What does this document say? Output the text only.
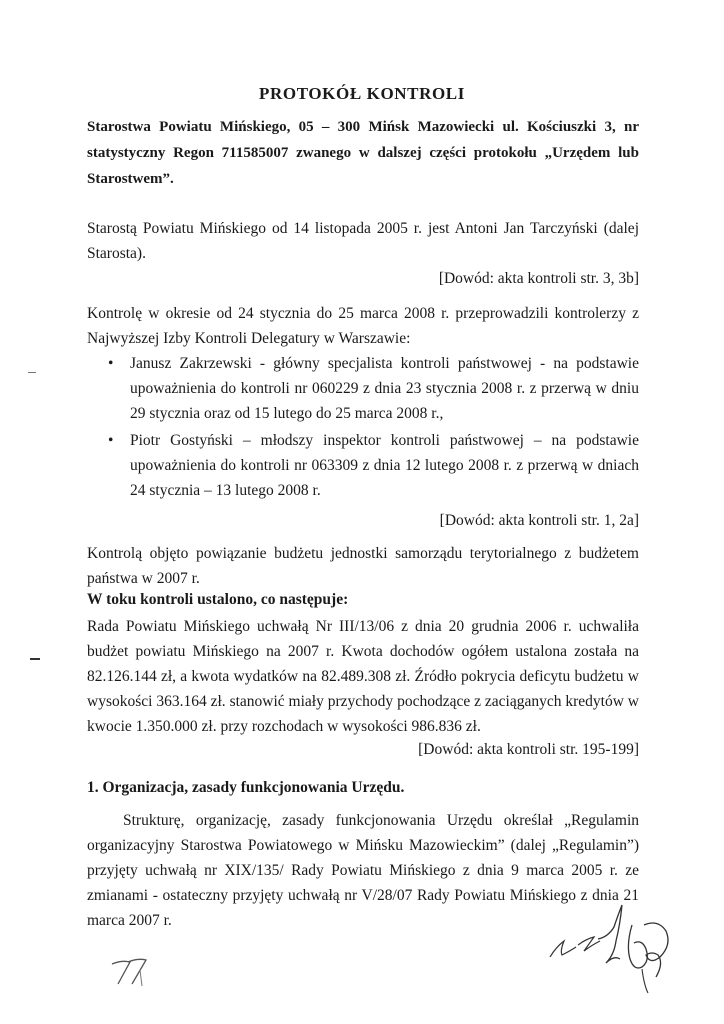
PROTOKÓŁ KONTROLI
Starostwa Powiatu Mińskiego, 05 – 300 Mińsk Mazowiecki ul. Kościuszki 3, nr statystyczny Regon 711585007 zwanego w dalszej części protokołu „Urzędem lub Starostwem”.
Starostą Powiatu Mińskiego od 14 listopada 2005 r. jest Antoni Jan Tarczyński (dalej Starosta).
[Dowód: akta kontroli str. 3, 3b]
Kontrolę w okresie od 24 stycznia do 25 marca 2008 r. przeprowadzili kontrolerzy z Najwyższej Izby Kontroli Delegatury w Warszawie:
• Janusz Zakrzewski - główny specjalista kontroli państwowej - na podstawie upoważnienia do kontroli nr 060229 z dnia 23 stycznia 2008 r. z przerwą w dniu 29 stycznia oraz od 15 lutego do 25 marca 2008 r.,
• Piotr Gostyński – młodszy inspektor kontroli państwowej – na podstawie upoważnienia do kontroli nr 063309 z dnia 12 lutego 2008 r. z przerwą w dniach 24 stycznia – 13 lutego 2008 r.
[Dowód: akta kontroli str. 1, 2a]
Kontrolą objęto powiązanie budżetu jednostki samorządu terytorialnego z budżetem państwa w 2007 r.
W toku kontroli ustalono, co następuje:
Rada Powiatu Mińskiego uchwałą Nr III/13/06 z dnia 20 grudnia 2006 r. uchwaliła budżet powiatu Mińskiego na 2007 r. Kwota dochodów ogółem ustalona została na 82.126.144 zł, a kwota wydatków na 82.489.308 zł. Źródło pokrycia deficytu budżetu w wysokości 363.164 zł. stanowić miały przychody pochodzące z zaciąganych kredytów w kwocie 1.350.000 zł. przy rozchodach w wysokości 986.836 zł.
[Dowód: akta kontroli str. 195-199]
1. Organizacja, zasady funkcjonowania Urzędu.
Strukturę, organizację, zasady funkcjonowania Urzędu określał „Regulamin organizacyjny Starostwa Powiatowego w Mińsku Mazowieckim” (dalej „Regulamin”) przyjęty uchwałą nr XIX/135/ Rady Powiatu Mińskiego z dnia 9 marca 2005 r. ze zmianami - ostateczny przyjęty uchwałą nr V/28/07 Rady Powiatu Mińskiego z dnia 21 marca 2007 r.
